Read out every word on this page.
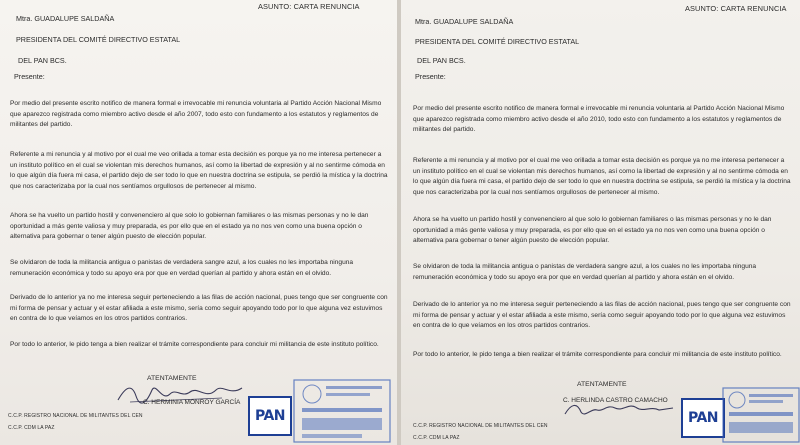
ASUNTO: CARTA RENUNCIA
Mtra. GUADALUPE SALDAÑA
PRESIDENTA DEL COMITÉ DIRECTIVO ESTATAL
DEL PAN BCS.
Presente:

Por medio del presente escrito notifico de manera formal e irrevocable mi renuncia voluntaria al Partido Acción Nacional Mismo que aparezco registrada como miembro activo desde el año 2007, todo esto con fundamento a los estatutos y reglamentos de militantes del partido.

Referente a mi renuncia y al motivo por el cual me veo orillada a tomar esta decisión es porque ya no me interesa pertenecer a un instituto político en el cual se violentan mis derechos humanos, así como la libertad de expresión y al no sentirme cómoda en lo que algún día fuera mi casa, el partido dejo de ser todo lo que en nuestra doctrina se estipula, se perdió la mística y la doctrina que nos caracterizaba por la cual nos sentíamos orgullosos de pertenecer al mismo.

Ahora se ha vuelto un partido hostil y convenenciero al que solo lo gobiernan familiares o las mismas personas y no le dan oportunidad a más gente valiosa y muy preparada, es por ello que en el estado ya no nos ven como una buena opción o alternativa para gobernar o tener algún puesto de elección popular.

Se olvidaron de toda la militancia antigua o panistas de verdadera sangre azul, a los cuales no les importaba ninguna remuneración económica y todo su apoyo era por que en verdad querían al partido y ahora están en el olvido.

Derivado de lo anterior ya no me interesa seguir perteneciendo a las filas de acción nacional, pues tengo que ser congruente con mi forma de pensar y actuar y el estar afiliada a este mismo, sería como seguir apoyando todo por lo que alguna vez estuvimos en contra de lo que veíamos en los otros partidos contrarios.

Por todo lo anterior, le pido tenga a bien realizar el trámite correspondiente para concluir mi militancia de este instituto político.

ATENTAMENTE
C. HERMINIA MONROY GARCÍA
C.C.P. REGISTRO NACIONAL DE MILITANTES DEL CEN
C.C.P. CDM LA PAZ
PAN
ASUNTO: CARTA RENUNCIA
Mtra. GUADALUPE SALDAÑA
PRESIDENTA DEL COMITÉ DIRECTIVO ESTATAL
DEL PAN BCS.
Presente:

Por medio del presente escrito notifico de manera formal e irrevocable mi renuncia voluntaria al Partido Acción Nacional Mismo que aparezco registrada como miembro activo desde el año 2010, todo esto con fundamento a los estatutos y reglamentos de militantes del partido.

Referente a mi renuncia y al motivo por el cual me veo orillada a tomar esta decisión es porque ya no me interesa pertenecer a un instituto político en el cual se violentan mis derechos humanos, así como la libertad de expresión y al no sentirme cómoda en lo que algún día fuera mi casa, el partido dejo de ser todo lo que en nuestra doctrina se estipula, se perdió la mística y la doctrina que nos caracterizaba por la cual nos sentíamos orgullosos de pertenecer al mismo.

Ahora se ha vuelto un partido hostil y convenenciero al que solo lo gobiernan familiares o las mismas personas y no le dan oportunidad a más gente valiosa y muy preparada, es por ello que en el estado ya no nos ven como una buena opción o alternativa para gobernar o tener algún puesto de elección popular.

Se olvidaron de toda la militancia antigua o panistas de verdadera sangre azul, a los cuales no les importaba ninguna remuneración económica y todo su apoyo era por que en verdad querían al partido y ahora están en el olvido.

Derivado de lo anterior ya no me interesa seguir perteneciendo a las filas de acción nacional, pues tengo que ser congruente con mi forma de pensar y actuar y el estar afiliada a este mismo, sería como seguir apoyando todo por lo que alguna vez estuvimos en contra de lo que veíamos en los otros partidos contrarios.

Por todo lo anterior, le pido tenga a bien realizar el trámite correspondiente para concluir mi militancia de este instituto político.

ATENTAMENTE
C. HERLINDA CASTRO CAMACHO
C.C.P. REGISTRO NACIONAL DE MILITANTES DEL CEN
C.C.P. CDM LA PAZ
PAN
